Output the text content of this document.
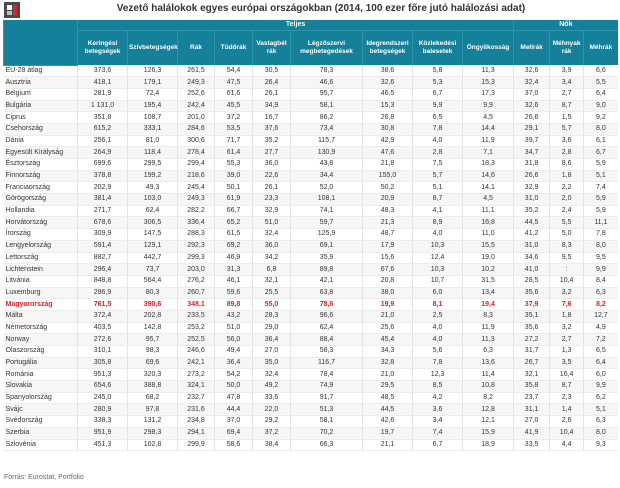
Vezető halálokok egyes európai országokban (2014, 100 ezer főre jutó halálozási adat)
	Teljes									Nők		
	Keringési betegségek	Szívbetegségek	Rák	Tüdőrák	Vastagbél rák	Légzőszervi megbetegedések	Idegrendszeri betegségek	Közlekedési balesetek	Öngyilkosság	Mellrák	Méhnyak rák	Méhrák
EU-28 átlag	373,6	126,3	261,5	54,4	30,5	78,3	38,6	5,8	11,3	32,6	3,9	6,6
Ausztria	418,1	179,1	249,3	47,5	26,4	46,6	32,6	5,3	15,3	32,4	3,4	5,5
Belgium	281,9	72,4	252,6	61,6	26,1	95,7	46,5	6,7	17,3	37,0	2,7	6,4
Bulgária	1 131,0	195,4	242,4	45,5	34,9	58,1	15,3	9,9	9,9	32,6	8,7	9,0
Ciprus	351,8	108,7	201,0	37,2	16,7	86,2	26,8	6,5	4,5	26,6	1,5	9,2
Csehország	615,2	333,1	284,6	53,5	37,6	73,4	30,8	7,8	14,4	29,1	5,7	8,0
Dánia	256,1	81,0	300,6	71,7	35,2	115,7	42,9	4,0	11,9	39,7	3,6	6,1
Egyesült Királyság	264,9	118,4	278,4	61,4	27,7	130,9	47,6	2,8	7,1	34,7	2,8	6,7
Észtország	699,6	299,5	299,4	55,3	36,0	43,8	21,8	7,5	18,3	31,8	8,6	5,9
Finnország	378,8	199,2	218,6	39,0	22,6	34,4	155,0	5,7	14,6	26,6	1,8	5,1
Franciaország	202,9	49,3	245,4	50,1	26,1	52,0	50,2	5,1	14,1	32,9	2,2	7,4
Görögország	381,4	103,0	249,3	61,9	23,3	108,1	20,9	8,7	4,5	31,0	2,0	5,9
Hollandia	271,7	62,4	282,2	66,7	32,9	74,1	48,3	4,1	11,1	35,2	2,4	5,9
Horvátország	678,6	306,5	336,4	65,2	51,0	59,7	21,3	8,9	16,8	44,5	5,5	11,1
Írország	309,9	147,5	288,3	61,5	32,4	125,9	48,7	4,0	11,0	41,2	5,0	7,8
Lengyelország	591,4	129,1	292,3	69,2	36,0	69,1	17,9	10,3	15,5	31,0	8,3	8,0
Lettország	882,7	442,7	299,3	46,9	34,2	35,9	15,6	12,4	19,0	34,6	9,5	9,5
Lichtenstein	296,4	73,7	203,0	31,3	6,8	89,8	67,6	10,3	10,2	41,0	:	9,9
Litvánia	848,8	564,4	276,2	46,1	32,1	42,1	20,8	10,7	31,5	28,5	10,4	8,4
Luxemburg	296,9	80,3	260,7	59,6	25,5	63,8	38,0	6,0	13,4	35,6	3,2	6,3
Magyarország	761,5	390,6	348,1	89,8	55,0	78,6	19,9	8,1	19,4	37,9	7,6	8,2
Málta	372,4	202,8	233,5	43,2	28,3	96,6	21,0	2,5	8,3	35,1	1,8	12,7
Németország	403,5	142,8	253,2	51,0	29,0	62,4	25,6	4,0	11,9	35,6	3,2	4,9
Norway	272,6	95,7	252,5	56,0	36,4	88,4	45,4	4,0	11,3	27,2	2,7	7,2
Olaszország	310,1	98,3	246,6	49,4	27,0	58,3	34,3	5,6	6,3	31,7	1,3	6,5
Portugália	305,8	69,6	242,1	36,4	35,0	116,7	32,8	7,8	13,6	26,7	3,5	6,4
Románia	951,3	320,3	273,2	54,2	32,4	78,4	21,0	12,3	11,4	32,1	16,4	6,0
Slovakia	654,6	388,8	324,1	50,0	49,2	74,9	29,5	8,5	10,8	35,8	8,7	9,9
Spanyolország	245,0	68,2	232,7	47,8	33,6	91,7	48,5	4,2	8,2	23,7	2,3	6,2
Svájc	280,9	97,8	231,6	44,4	22,0	51,3	44,5	3,6	12,8	31,1	1,4	5,1
Svédország	338,3	131,2	234,8	37,0	29,2	58,1	42,6	3,4	12,1	27,0	2,6	6,3
Szerbia	951,9	298,3	294,1	69,4	37,2	70,2	19,7	7,4	15,9	41,9	10,4	8,0
Szlovénia	451,3	102,8	299,9	58,6	38,4	66,3	21,1	6,7	18,9	33,5	4,4	9,3
Forrás: Eurostat, Portfolio
